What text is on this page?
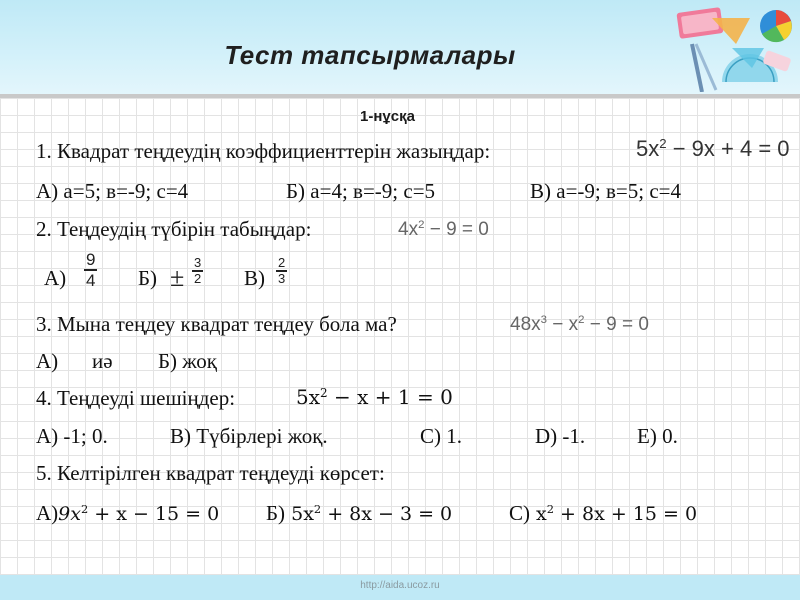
Тест тапсырмалары
1-нұсқа
1. Квадрат теңдеудің коэффициенттерін жазыңдар:	$5x^2 - 9x + 4 = 0$
А) а=5; в=-9; с=4	Б) а=4; в=-9; с=5	В) а=-9; в=5; с=4
2. Теңдеудің түбірін табыңдар:	$4x^2 - 9 = 0$
А)
9
4 Б) ±
3
2 В)
2
3
3. Мына теңдеу квадрат теңдеу бола ма?	$48x^3 - x^2 - 9 = 0$
А) иә Б) жоқ
4. Теңдеуді шешіңдер:	$5x^2 - x + 1 = 0$
А) -1; 0.	В) Түбірлері жоқ.	С) 1.	D) -1. Е) 0.
5. Келтірілген квадрат теңдеуді көрсет:
$А)9x^2 + x - 15 = 0$ Б) $5x^2 + 8x - 3 = 0$	С) $x^2 + 8x + 15 = 0$
http://aida.ucoz.ru
